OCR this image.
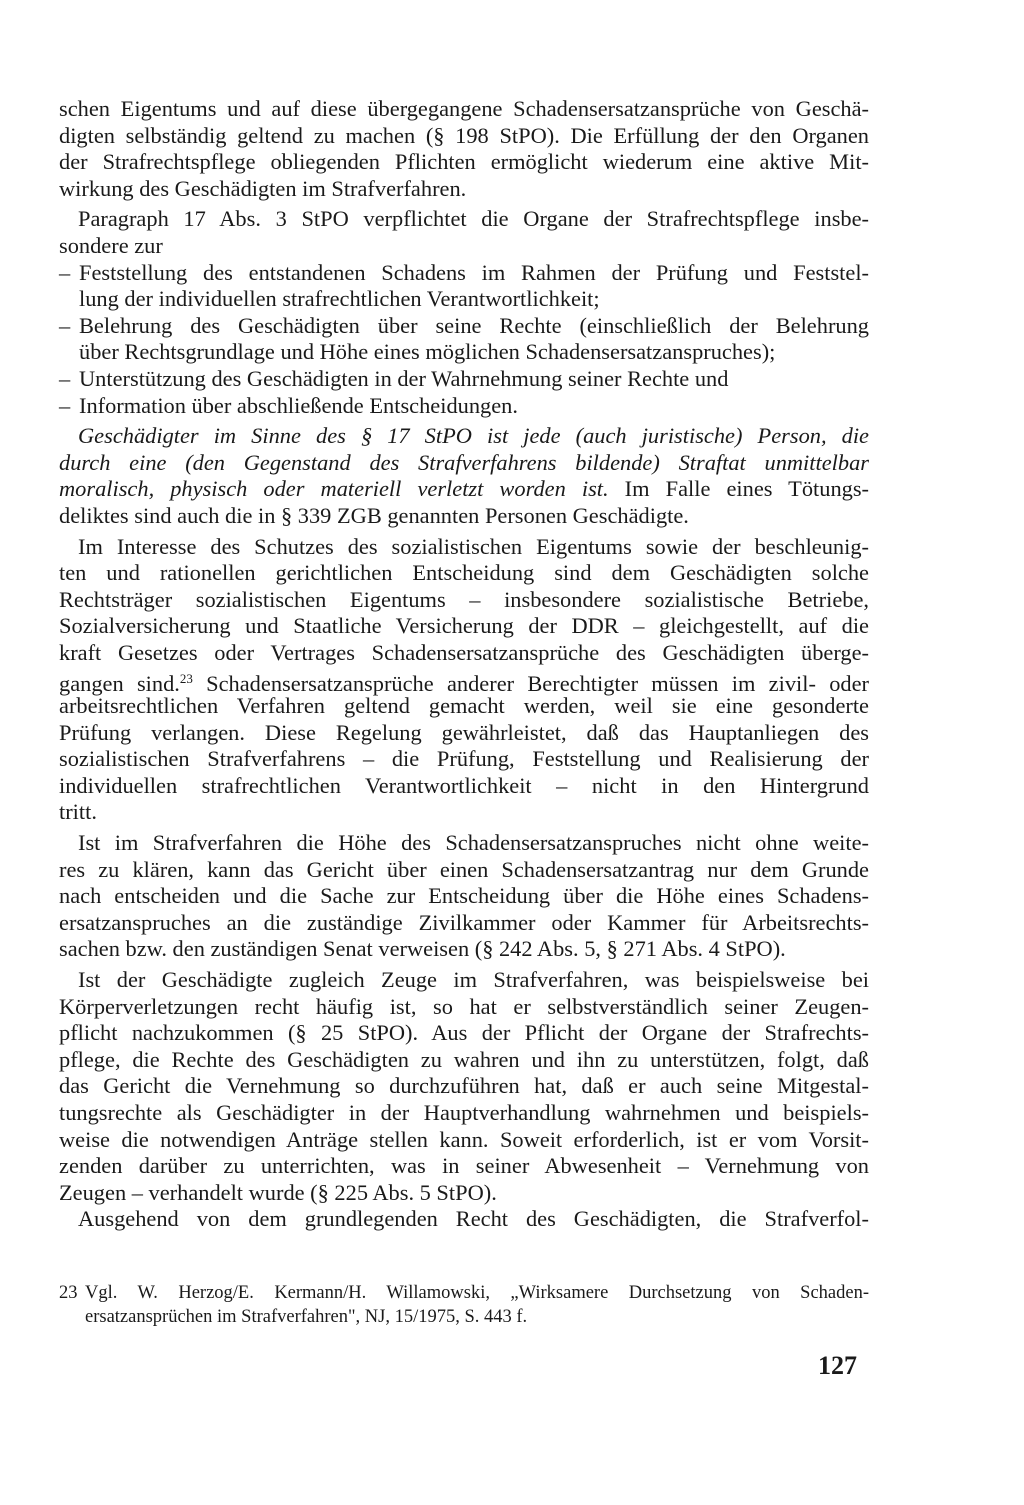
schen Eigentums und auf diese übergegangene Schadensersatzansprüche von Geschä-
digten selbständig geltend zu machen (§ 198 StPO). Die Erfüllung der den Organen
der Strafrechtspflege obliegenden Pflichten ermöglicht wiederum eine aktive Mit-
wirkung des Geschädigten im Strafverfahren.
Paragraph 17 Abs. 3 StPO verpflichtet die Organe der Strafrechtspflege insbe-
sondere zur
– Feststellung des entstandenen Schadens im Rahmen der Prüfung und Feststel-
lung der individuellen strafrechtlichen Verantwortlichkeit;
– Belehrung des Geschädigten über seine Rechte (einschließlich der Belehrung
über Rechtsgrundlage und Höhe eines möglichen Schadensersatzanspruches);
– Unterstützung des Geschädigten in der Wahrnehmung seiner Rechte und
– Information über abschließende Entscheidungen.
Geschädigter im Sinne des § 17 StPO ist jede (auch juristische) Person, die
durch eine (den Gegenstand des Strafverfahrens bildende) Straftat unmittelbar
moralisch, physisch oder materiell verletzt worden ist. Im Falle eines Tötungs-
deliktes sind auch die in § 339 ZGB genannten Personen Geschädigte.
Im Interesse des Schutzes des sozialistischen Eigentums sowie der beschleunig-
ten und rationellen gerichtlichen Entscheidung sind dem Geschädigten solche
Rechtsträger sozialistischen Eigentums – insbesondere sozialistische Betriebe,
Sozialversicherung und Staatliche Versicherung der DDR – gleichgestellt, auf die
kraft Gesetzes oder Vertrages Schadensersatzansprüche des Geschädigten überge-
gangen sind.$^{23}$ Schadensersatzansprüche anderer Berechtigter müssen im zivil- oder
arbeitsrechtlichen Verfahren geltend gemacht werden, weil sie eine gesonderte
Prüfung verlangen. Diese Regelung gewährleistet, daß das Hauptanliegen des
sozialistischen Strafverfahrens – die Prüfung, Feststellung und Realisierung der
individuellen strafrechtlichen Verantwortlichkeit – nicht in den Hintergrund
tritt.
Ist im Strafverfahren die Höhe des Schadensersatzanspruches nicht ohne weite-
res zu klären, kann das Gericht über einen Schadensersatzantrag nur dem Grunde
nach entscheiden und die Sache zur Entscheidung über die Höhe eines Schadens-
ersatzanspruches an die zuständige Zivilkammer oder Kammer für Arbeitsrechts-
sachen bzw. den zuständigen Senat verweisen (§ 242 Abs. 5, § 271 Abs. 4 StPO).
Ist der Geschädigte zugleich Zeuge im Strafverfahren, was beispielsweise bei
Körperverletzungen recht häufig ist, so hat er selbstverständlich seiner Zeugen-
pflicht nachzukommen (§ 25 StPO). Aus der Pflicht der Organe der Strafrechts-
pflege, die Rechte des Geschädigten zu wahren und ihn zu unterstützen, folgt, daß
das Gericht die Vernehmung so durchzuführen hat, daß er auch seine Mitgestal-
tungsrechte als Geschädigter in der Hauptverhandlung wahrnehmen und beispiels-
weise die notwendigen Anträge stellen kann. Soweit erforderlich, ist er vom Vorsit-
zenden darüber zu unterrichten, was in seiner Abwesenheit – Vernehmung von
Zeugen – verhandelt wurde (§ 225 Abs. 5 StPO).
Ausgehend von dem grundlegenden Recht des Geschädigten, die Strafverfol-
23 Vgl. W. Herzog/E. Kermann/H. Willamowski, „Wirksamere Durchsetzung von Schaden-
ersatzansprüchen im Strafverfahren", NJ, 15/1975, S. 443 f.
127
